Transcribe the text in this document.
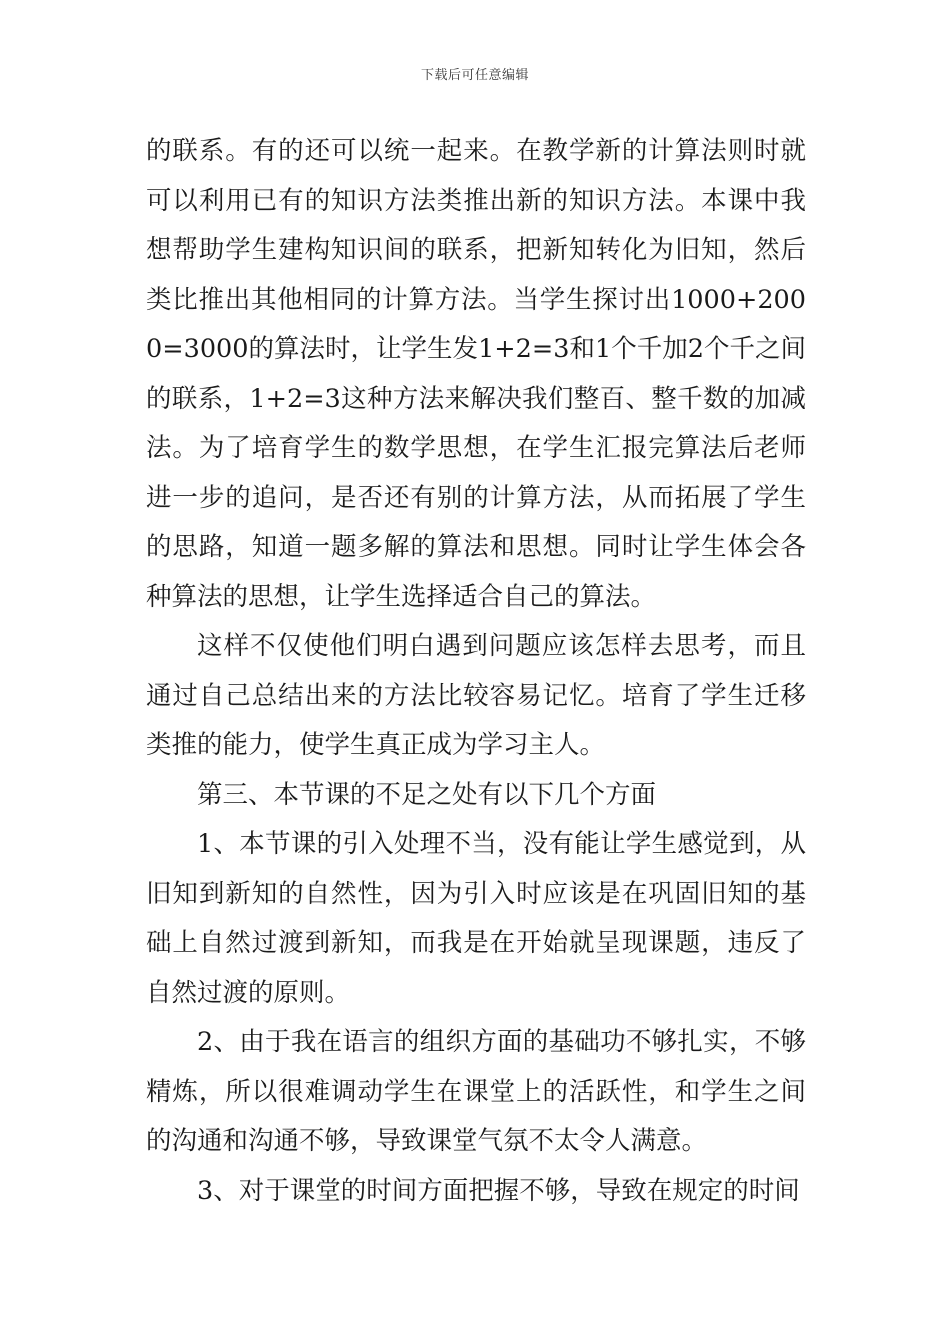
下载后可任意编辑

的联系。有的还可以统一起来。在教学新的计算法则时就可以利用已有的知识方法类推出新的知识方法。本课中我想帮助学生建构知识间的联系，把新知转化为旧知，然后类比推出其他相同的计算方法。当学生探讨出1000+2000=3000的算法时，让学生发1+2=3和1个千加2个千之间的联系，1+2=3这种方法来解决我们整百、整千数的加减法。为了培育学生的数学思想，在学生汇报完算法后老师进一步的追问，是否还有别的计算方法，从而拓展了学生的思路，知道一题多解的算法和思想。同时让学生体会各种算法的思想，让学生选择适合自己的算法。

这样不仅使他们明白遇到问题应该怎样去思考，而且通过自己总结出来的方法比较容易记忆。培育了学生迁移类推的能力，使学生真正成为学习主人。

第三、本节课的不足之处有以下几个方面

1、本节课的引入处理不当，没有能让学生感觉到，从旧知到新知的自然性，因为引入时应该是在巩固旧知的基础上自然过渡到新知，而我是在开始就呈现课题，违反了自然过渡的原则。

2、由于我在语言的组织方面的基础功不够扎实，不够精炼，所以很难调动学生在课堂上的活跃性，和学生之间的沟通和沟通不够，导致课堂气氛不太令人满意。

3、对于课堂的时间方面把握不够，导致在规定的时间
